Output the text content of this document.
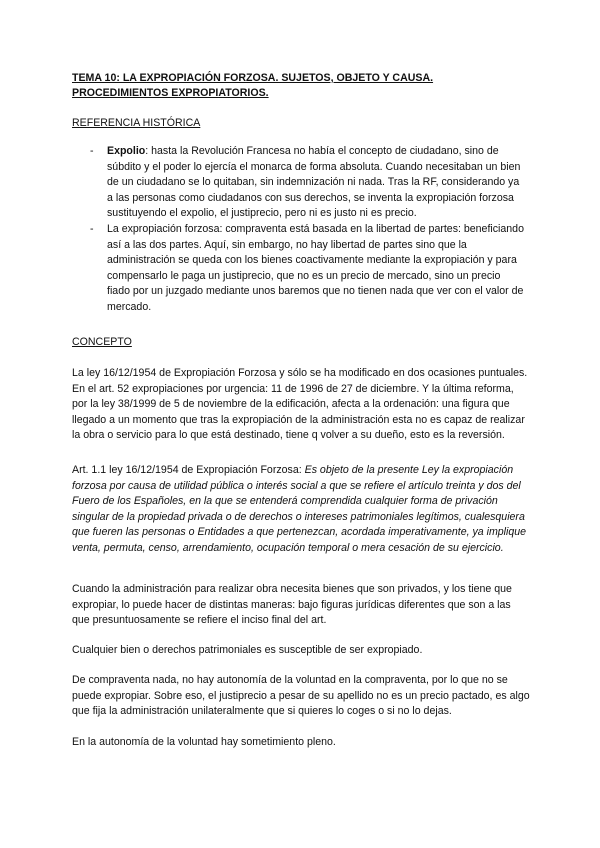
TEMA 10: LA EXPROPIACIÓN FORZOSA. SUJETOS, OBJETO Y CAUSA.
PROCEDIMIENTOS EXPROPIATORIOS.
REFERENCIA HISTÓRICA
- Expolio: hasta la Revolución Francesa no había el concepto de ciudadano, sino de súbdito y el poder lo ejercía el monarca de forma absoluta. Cuando necesitaban un bien de un ciudadano se lo quitaban, sin indemnización ni nada. Tras la RF, considerando ya a las personas como ciudadanos con sus derechos, se inventa la expropiación forzosa sustituyendo el expolio, el justiprecio, pero ni es justo ni es precio.
- La expropiación forzosa: compraventa está basada en la libertad de partes: beneficiando así a las dos partes. Aquí, sin embargo, no hay libertad de partes sino que la administración se queda con los bienes coactivamente mediante la expropiación y para compensarlo le paga un justiprecio, que no es un precio de mercado, sino un precio fiado por un juzgado mediante unos baremos que no tienen nada que ver con el valor de mercado.
CONCEPTO

La ley 16/12/1954 de Expropiación Forzosa y sólo se ha modificado en dos ocasiones puntuales. En el art. 52 expropiaciones por urgencia: 11 de 1996 de 27 de diciembre. Y la última reforma, por la ley 38/1999 de 5 de noviembre de la edificación, afecta a la ordenación: una figura que llegado a un momento que tras la expropiación de la administración esta no es capaz de realizar la obra o servicio para lo que está destinado, tiene q volver a su dueño, esto es la reversión.

Art. 1.1 ley 16/12/1954 de Expropiación Forzosa: Es objeto de la presente Ley la expropiación forzosa por causa de utilidad pública o interés social a que se refiere el artículo treinta y dos del Fuero de los Españoles, en la que se entenderá comprendida cualquier forma de privación singular de la propiedad privada o de derechos o intereses patrimoniales legítimos, cualesquiera que fueren las personas o Entidades a que pertenezcan, acordada imperativamente, ya implique venta, permuta, censo, arrendamiento, ocupación temporal o mera cesación de su ejercicio.

Cuando la administración para realizar obra necesita bienes que son privados, y los tiene que expropiar, lo puede hacer de distintas maneras: bajo figuras jurídicas diferentes que son a las que presuntuosamente se refiere el inciso final del art.

Cualquier bien o derechos patrimoniales es susceptible de ser expropiado.

De compraventa nada, no hay autonomía de la voluntad en la compraventa, por lo que no se puede expropiar. Sobre eso, el justiprecio a pesar de su apellido no es un precio pactado, es algo que fija la administración unilateralmente que si quieres lo coges o si no lo dejas.

En la autonomía de la voluntad hay sometimiento pleno.
